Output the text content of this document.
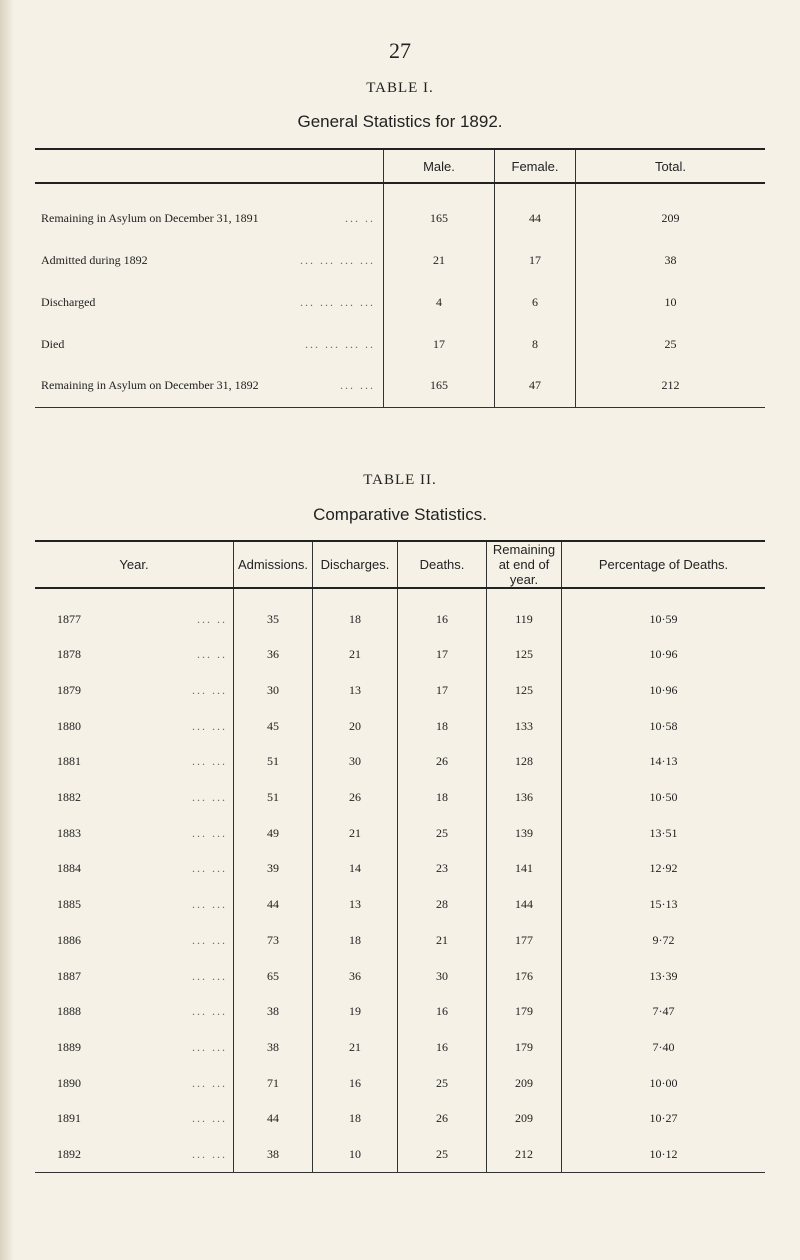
27
TABLE I.
General Statistics for 1892.
	Male.	Female.	Total.
Remaining in Asylum on December 31, 1891 ... ..	165	44	209
Admitted during 1892 ... ... ... ...	21	17	38
Discharged ... ... ... ...	4	6	10
Died ... ... ... ..	17	8	25
Remaining in Asylum on December 31, 1892 ... ...	165	47	212
TABLE II.
Comparative Statistics.
Year.	Admissions.	Discharges.	Deaths.	Remaining at end of year.	Percentage of Deaths.
1877 ... ..	35	18	16	119	10·59
1878 ... ..	36	21	17	125	10·96
1879 ... ...	30	13	17	125	10·96
1880 ... ...	45	20	18	133	10·58
1881 ... ...	51	30	26	128	14·13
1882 ... ...	51	26	18	136	10·50
1883 ... ...	49	21	25	139	13·51
1884 ... ...	39	14	23	141	12·92
1885 ... ...	44	13	28	144	15·13
1886 ... ...	73	18	21	177	9·72
1887 ... ...	65	36	30	176	13·39
1888 ... ...	38	19	16	179	7·47
1889 ... ...	38	21	16	179	7·40
1890 ... ...	71	16	25	209	10·00
1891 ... ...	44	18	26	209	10·27
1892 ... ...	38	10	25	212	10·12
